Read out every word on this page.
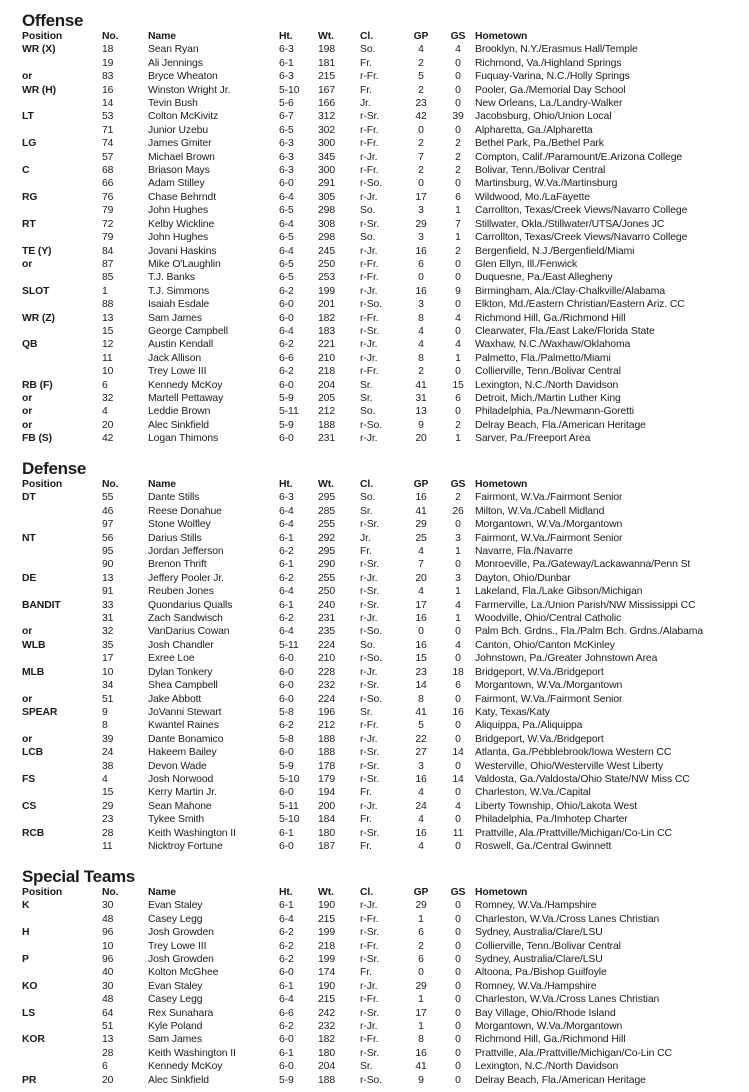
Offense
Position	No.	Name	Ht.	Wt.	Cl.	GP	GS	Hometown
WR (X)	18	Sean Ryan	6-3	198	So.	4	4	Brooklyn, N.Y./Erasmus Hall/Temple
	19	Ali Jennings	6-1	181	Fr.	2	0	Richmond, Va./Highland Springs
or	83	Bryce Wheaton	6-3	215	r-Fr.	5	0	Fuquay-Varina, N.C./Holly Springs
WR (H)	16	Winston Wright Jr.	5-10	167	Fr.	2	0	Pooler, Ga./Memorial Day School
	14	Tevin Bush	5-6	166	Jr.	23	0	New Orleans, La./Landry-Walker
LT	53	Colton McKivitz	6-7	312	r-Sr.	42	39	Jacobsburg, Ohio/Union Local
	71	Junior Uzebu	6-5	302	r-Fr.	0	0	Alpharetta, Ga./Alpharetta
LG	74	James Gmiter	6-3	300	r-Fr.	2	2	Bethel Park, Pa./Bethel Park
	57	Michael Brown	6-3	345	r-Jr.	7	2	Compton, Calif./Paramount/E.Arizona College
C	68	Briason Mays	6-3	300	r-Fr.	2	2	Bolivar, Tenn./Bolivar Central
	66	Adam Stilley	6-0	291	r-So.	0	0	Martinsburg, W.Va./Martinsburg
RG	76	Chase Behrndt	6-4	305	r-Jr.	17	6	Wildwood, Mo./LaFayette
	79	John Hughes	6-5	298	So.	3	1	Carrollton, Texas/Creek Views/Navarro College
RT	72	Kelby Wickline	6-4	308	r-Sr.	29	7	Stillwater, Okla./Stillwater/UTSA/Jones JC
	79	John Hughes	6-5	298	So.	3	1	Carrollton, Texas/Creek Views/Navarro College
TE (Y)	84	Jovani Haskins	6-4	245	r-Jr.	16	2	Bergenfield, N.J./Bergenfield/Miami
or	87	Mike O'Laughlin	6-5	250	r-Fr.	6	0	Glen Ellyn, Ill./Fenwick
	85	T.J. Banks	6-5	253	r-Fr.	0	0	Duquesne, Pa./East Allegheny
SLOT	1	T.J. Simmons	6-2	199	r-Jr.	16	9	Birmingham, Ala./Clay-Chalkville/Alabama
	88	Isaiah Esdale	6-0	201	r-So.	3	0	Elkton, Md./Eastern Christian/Eastern Ariz. CC
WR (Z)	13	Sam James	6-0	182	r-Fr.	8	4	Richmond Hill, Ga./Richmond Hill
	15	George Campbell	6-4	183	r-Sr.	4	0	Clearwater, Fla./East Lake/Florida State
QB	12	Austin Kendall	6-2	221	r-Jr.	4	4	Waxhaw, N.C./Waxhaw/Oklahoma
	11	Jack Allison	6-6	210	r-Jr.	8	1	Palmetto, Fla./Palmetto/Miami
	10	Trey Lowe III	6-2	218	r-Fr.	2	0	Collierville, Tenn./Bolivar Central
RB (F)	6	Kennedy McKoy	6-0	204	Sr.	41	15	Lexington, N.C./North Davidson
or	32	Martell Pettaway	5-9	205	Sr.	31	6	Detroit, Mich./Martin Luther King
or	4	Leddie Brown	5-11	212	So.	13	0	Philadelphia, Pa./Newmann-Goretti
or	20	Alec Sinkfield	5-9	188	r-So.	9	2	Delray Beach, Fla./American Heritage
FB (S)	42	Logan Thimons	6-0	231	r-Jr.	20	1	Sarver, Pa./Freeport Area
Defense
Position	No.	Name	Ht.	Wt.	Cl.	GP	GS	Hometown
DT	55	Dante Stills	6-3	295	So.	16	2	Fairmont, W.Va./Fairmont Senior
	46	Reese Donahue	6-4	285	Sr.	41	26	Milton, W.Va./Cabell Midland
	97	Stone Wolfley	6-4	255	r-Sr.	29	0	Morgantown, W.Va./Morgantown
NT	56	Darius Stills	6-1	292	Jr.	25	3	Fairmont, W.Va./Fairmont Senior
	95	Jordan Jefferson	6-2	295	Fr.	4	1	Navarre, Fla./Navarre
	90	Brenon Thrift	6-1	290	r-Sr.	7	0	Monroeville, Pa./Gateway/Lackawanna/Penn St
DE	13	Jeffery Pooler Jr.	6-2	255	r-Jr.	20	3	Dayton, Ohio/Dunbar
	91	Reuben Jones	6-4	250	r-Sr.	4	1	Lakeland, Fla./Lake Gibson/Michigan
BANDIT	33	Quondarius Qualls	6-1	240	r-Sr.	17	4	Farmerville, La./Union Parish/NW Mississippi CC
	31	Zach Sandwisch	6-2	231	r-Jr.	16	1	Woodville, Ohio/Central Catholic
or	32	VanDarius Cowan	6-4	235	r-So.	0	0	Palm Bch. Grdns., Fla./Palm Bch. Grdns./Alabama
WLB	35	Josh Chandler	5-11	224	So.	16	4	Canton, Ohio/Canton McKinley
	17	Exree Loe	6-0	210	r-So.	15	0	Johnstown, Pa./Greater Johnstown Area
MLB	10	Dylan Tonkery	6-0	228	r-Jr.	23	18	Bridgeport, W.Va./Bridgeport
	34	Shea Campbell	6-0	232	r-Sr.	14	6	Morgantown, W.Va./Morgantown
or	51	Jake Abbott	6-0	224	r-So.	8	0	Fairmont, W.Va./Fairmont Senior
SPEAR	9	JoVanni Stewart	5-8	196	Sr.	41	16	Katy, Texas/Katy
	8	Kwantel Raines	6-2	212	r-Fr.	5	0	Aliquippa, Pa./Aliquippa
or	39	Dante Bonamico	5-8	188	r-Jr.	22	0	Bridgeport, W.Va./Bridgeport
LCB	24	Hakeem Bailey	6-0	188	r-Sr.	27	14	Atlanta, Ga./Pebblebrook/Iowa Western CC
	38	Devon Wade	5-9	178	r-Sr.	3	0	Westerville, Ohio/Westerville West Liberty
FS	4	Josh Norwood	5-10	179	r-Sr.	16	14	Valdosta, Ga./Valdosta/Ohio State/NW Miss CC
	15	Kerry Martin Jr.	6-0	194	Fr.	4	0	Charleston, W.Va./Capital
CS	29	Sean Mahone	5-11	200	r-Jr.	24	4	Liberty Township, Ohio/Lakota West
	23	Tykee Smith	5-10	184	Fr.	4	0	Philadelphia, Pa./Imhotep Charter
RCB	28	Keith Washington II	6-1	180	r-Sr.	16	11	Prattville, Ala./Prattville/Michigan/Co-Lin CC
	11	Nicktroy Fortune	6-0	187	Fr.	4	0	Roswell, Ga./Central Gwinnett
Special Teams
Position	No.	Name	Ht.	Wt.	Cl.	GP	GS	Hometown
K	30	Evan Staley	6-1	190	r-Jr.	29	0	Romney, W.Va./Hampshire
	48	Casey Legg	6-4	215	r-Fr.	1	0	Charleston, W.Va./Cross Lanes Christian
H	96	Josh Growden	6-2	199	r-Sr.	6	0	Sydney, Australia/Clare/LSU
	10	Trey Lowe III	6-2	218	r-Fr.	2	0	Collierville, Tenn./Bolivar Central
P	96	Josh Growden	6-2	199	r-Sr.	6	0	Sydney, Australia/Clare/LSU
	40	Kolton McGhee	6-0	174	Fr.	0	0	Altoona, Pa./Bishop Guilfoyle
KO	30	Evan Staley	6-1	190	r-Jr.	29	0	Romney, W.Va./Hampshire
	48	Casey Legg	6-4	215	r-Fr.	1	0	Charleston, W.Va./Cross Lanes Christian
LS	64	Rex Sunahara	6-6	242	r-Sr.	17	0	Bay Village, Ohio/Rhode Island
	51	Kyle Poland	6-2	232	r-Jr.	1	0	Morgantown, W.Va./Morgantown
KOR	13	Sam James	6-0	182	r-Fr.	8	0	Richmond Hill, Ga./Richmond Hill
	28	Keith Washington II	6-1	180	r-Sr.	16	0	Prattville, Ala./Prattville/Michigan/Co-Lin CC
	6	Kennedy McKoy	6-0	204	Sr.	41	0	Lexington, N.C./North Davidson
PR	20	Alec Sinkfield	5-9	188	r-So.	9	0	Delray Beach, Fla./American Heritage
